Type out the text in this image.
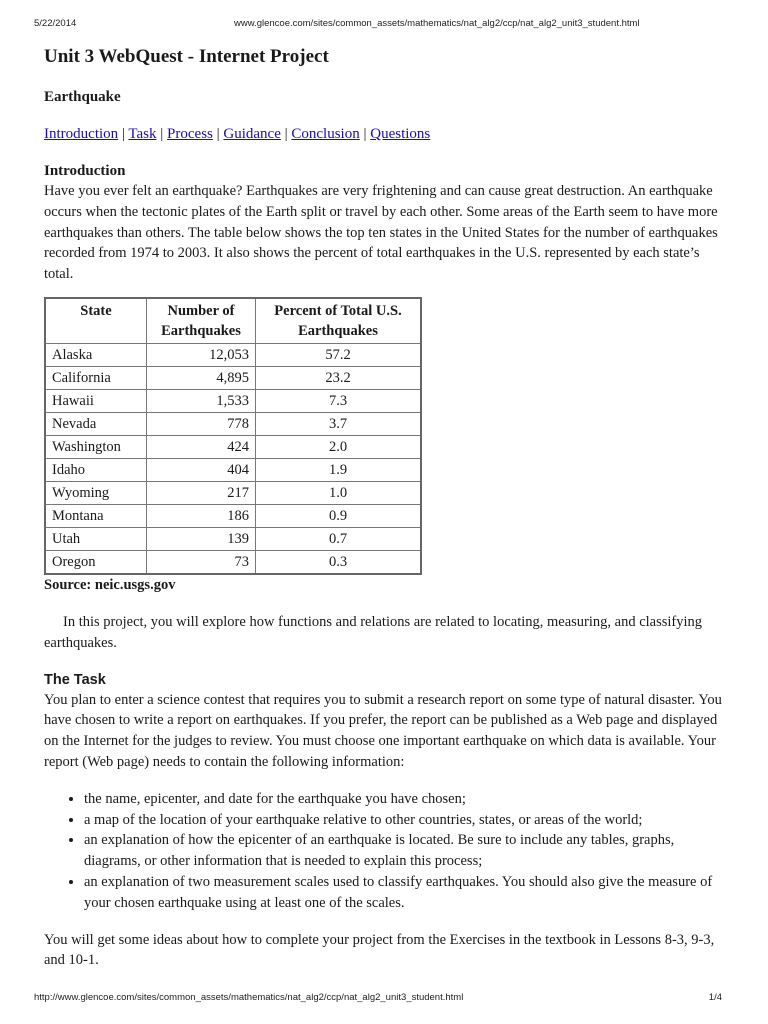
5/22/2014	www.glencoe.com/sites/common_assets/mathematics/nat_alg2/ccp/nat_alg2_unit3_student.html
Unit 3 WebQuest - Internet Project
Earthquake
Introduction | Task | Process | Guidance | Conclusion | Questions
Introduction

Have you ever felt an earthquake? Earthquakes are very frightening and can cause great destruction. An earthquake occurs when the tectonic plates of the Earth split or travel by each other. Some areas of the Earth seem to have more earthquakes than others. The table below shows the top ten states in the United States for the number of earthquakes recorded from 1974 to 2003. It also shows the percent of total earthquakes in the U.S. represented by each state’s total.

State	Number of Earthquakes	Percent of Total U.S. Earthquakes
Alaska	12,053	57.2
California	4,895	23.2
Hawaii	1,533	7.3
Nevada	778	3.7
Washington	424	2.0
Idaho	404	1.9
Wyoming	217	1.0
Montana	186	0.9
Utah	139	0.7
Oregon	73	0.3
Source: neic.usgs.gov

In this project, you will explore how functions and relations are related to locating, measuring, and classifying earthquakes.

The Task

You plan to enter a science contest that requires you to submit a research report on some type of natural disaster. You have chosen to write a report on earthquakes. If you prefer, the report can be published as a Web page and displayed on the Internet for the judges to review. You must choose one important earthquake on which data is available. Your report (Web page) needs to contain the following information:

• the name, epicenter, and date for the earthquake you have chosen;
• a map of the location of your earthquake relative to other countries, states, or areas of the world;
• an explanation of how the epicenter of an earthquake is located. Be sure to include any tables, graphs, diagrams, or other information that is needed to explain this process;
• an explanation of two measurement scales used to classify earthquakes. You should also give the measure of your chosen earthquake using at least one of the scales.

You will get some ideas about how to complete your project from the Exercises in the textbook in Lessons 8-3, 9-3, and 10-1.

http://www.glencoe.com/sites/common_assets/mathematics/nat_alg2/ccp/nat_alg2_unit3_student.html	1/4
